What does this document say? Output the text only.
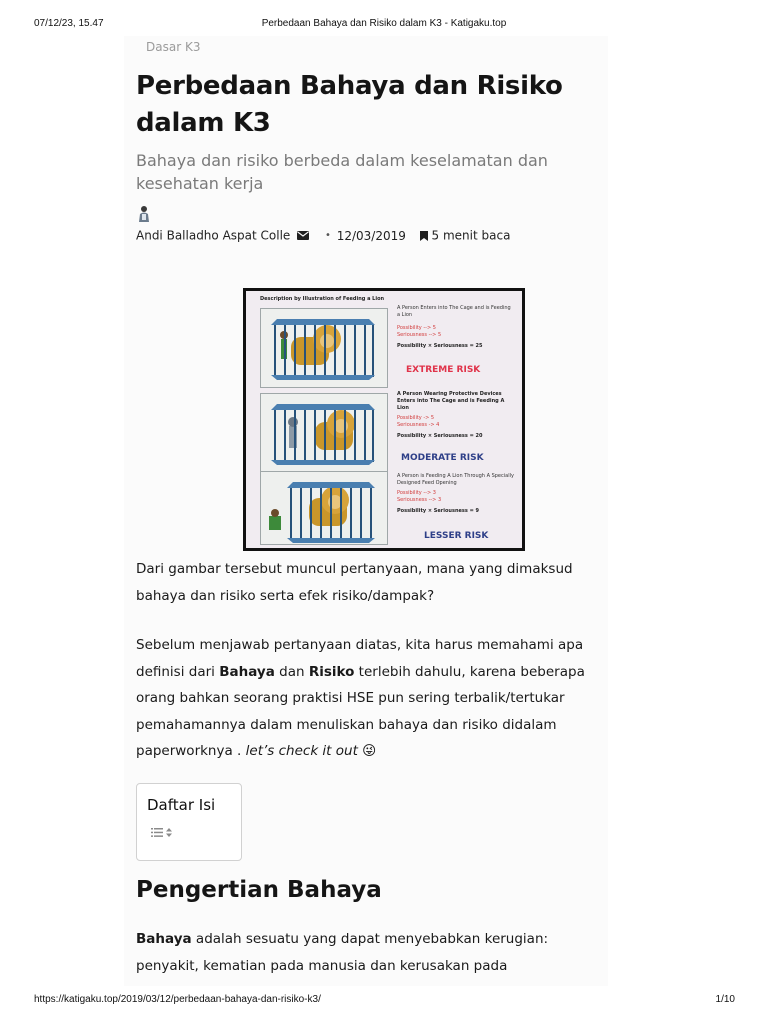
07/12/23, 15.47	Perbedaan Bahaya dan Risiko dalam K3 - Katigaku.top
Dasar K3
Perbedaan Bahaya dan Risiko dalam K3
Bahaya dan risiko berbeda dalam keselamatan dan kesehatan kerja
Andi Balladho Aspat Colle	• 12/03/2019 5 menit baca
Description by Illustration of Feeding a Lion
A Person Enters into The Cage and is Feeding a Lion
Possibility --> 5
Seriousness --> 5
Possibility × Seriousness = 25
EXTREME RISK
A Person Wearing Protective Devices Enters into The Cage and is Feeding A Lion
Possibility -> 5
Seriousness -> 4
Possibility × Seriousness = 20
MODERATE RISK
A Person is Feeding A Lion Through A Specially Designed Feed Opening
Possibility --> 3
Seriousness --> 3
Possibility × Seriousness = 9
LESSER RISK

Dari gambar tersebut muncul pertanyaan, mana yang dimaksud bahaya dan risiko serta efek risiko/dampak?

Sebelum menjawab pertanyaan diatas, kita harus memahami apa definisi dari Bahaya dan Risiko terlebih dahulu, karena beberapa orang bahkan seorang praktisi HSE pun sering terbalik/tertukar pemahamannya dalam menuliskan bahaya dan risiko didalam paperworknya . let’s check it out 😜

Daftar Isi

Pengertian Bahaya

Bahaya adalah sesuatu yang dapat menyebabkan kerugian: penyakit, kematian pada manusia dan kerusakan pada

https://katigaku.top/2019/03/12/perbedaan-bahaya-dan-risiko-k3/	1/10
